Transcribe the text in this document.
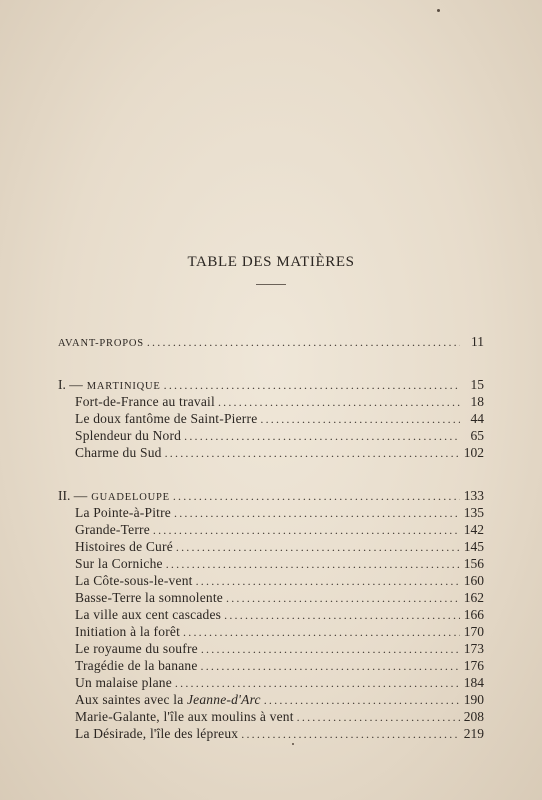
TABLE DES MATIÈRES
AVANT-PROPOS .....	11
I. — MARTINIQUE .....	15
Fort-de-France au travail .....	18
Le doux fantôme de Saint-Pierre .....	44
Splendeur du Nord .....	65
Charme du Sud .....	102
II. — GUADELOUPE .....	133
La Pointe-à-Pitre .....	135
Grande-Terre .....	142
Histoires de Curé .....	145
Sur la Corniche .....	156
La Côte-sous-le-vent .....	160
Basse-Terre la somnolente .....	162
La ville aux cent cascades .....	166
Initiation à la forêt .....	170
Le royaume du soufre .....	173
Tragédie de la banane .....	176
Un malaise plane .....	184
Aux saintes avec la Jeanne-d'Arc .....	190
Marie-Galante, l'île aux moulins à vent .....	208
La Désirade, l'île des lépreux .....	219
